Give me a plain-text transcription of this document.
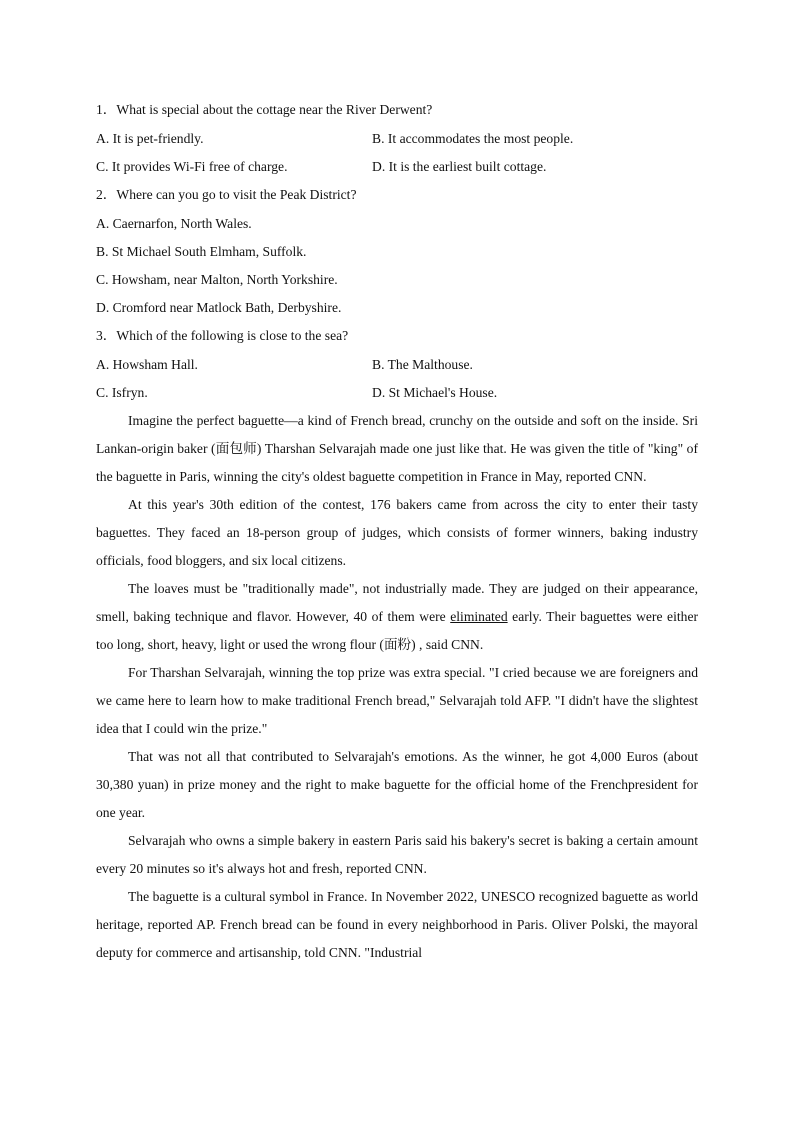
1．What is special about the cottage near the River Derwent?
A. It is pet-friendly.	B. It accommodates the most people.
C. It provides Wi-Fi free of charge.	D. It is the earliest built cottage.
2．Where can you go to visit the Peak District?
A. Caernarfon, North Wales.
B. St Michael South Elmham, Suffolk.
C. Howsham, near Malton, North Yorkshire.
D. Cromford near Matlock Bath, Derbyshire.
3．Which of the following is close to the sea?
A. Howsham Hall.	B. The Malthouse.
C. Isfryn.	D. St Michael's House.

Imagine the perfect baguette—a kind of French bread, crunchy on the outside and soft on the inside. Sri Lankan-origin baker (面包师) Tharshan Selvarajah made one just like that. He was given the title of "king" of the baguette in Paris, winning the city's oldest baguette competition in France in May, reported CNN.

At this year's 30th edition of the contest, 176 bakers came from across the city to enter their tasty baguettes. They faced an 18-person group of judges, which consists of former winners, baking industry officials, food bloggers, and six local citizens.

The loaves must be "traditionally made", not industrially made. They are judged on their appearance, smell, baking technique and flavor. However, 40 of them were eliminated early. Their baguettes were either too long, short, heavy, light or used the wrong flour (面粉) , said CNN.

For Tharshan Selvarajah, winning the top prize was extra special. "I cried because we are foreigners and we came here to learn how to make traditional French bread," Selvarajah told AFP. "I didn't have the slightest idea that I could win the prize."

That was not all that contributed to Selvarajah's emotions. As the winner, he got 4,000 Euros (about 30,380 yuan) in prize money and the right to make baguette for the official home of the Frenchpresident for one year.

Selvarajah who owns a simple bakery in eastern Paris said his bakery's secret is baking a certain amount every 20 minutes so it's always hot and fresh, reported CNN.

The baguette is a cultural symbol in France. In November 2022, UNESCO recognized baguette as world heritage, reported AP. French bread can be found in every neighborhood in Paris. Oliver Polski, the mayoral deputy for commerce and artisanship, told CNN. "Industrial
